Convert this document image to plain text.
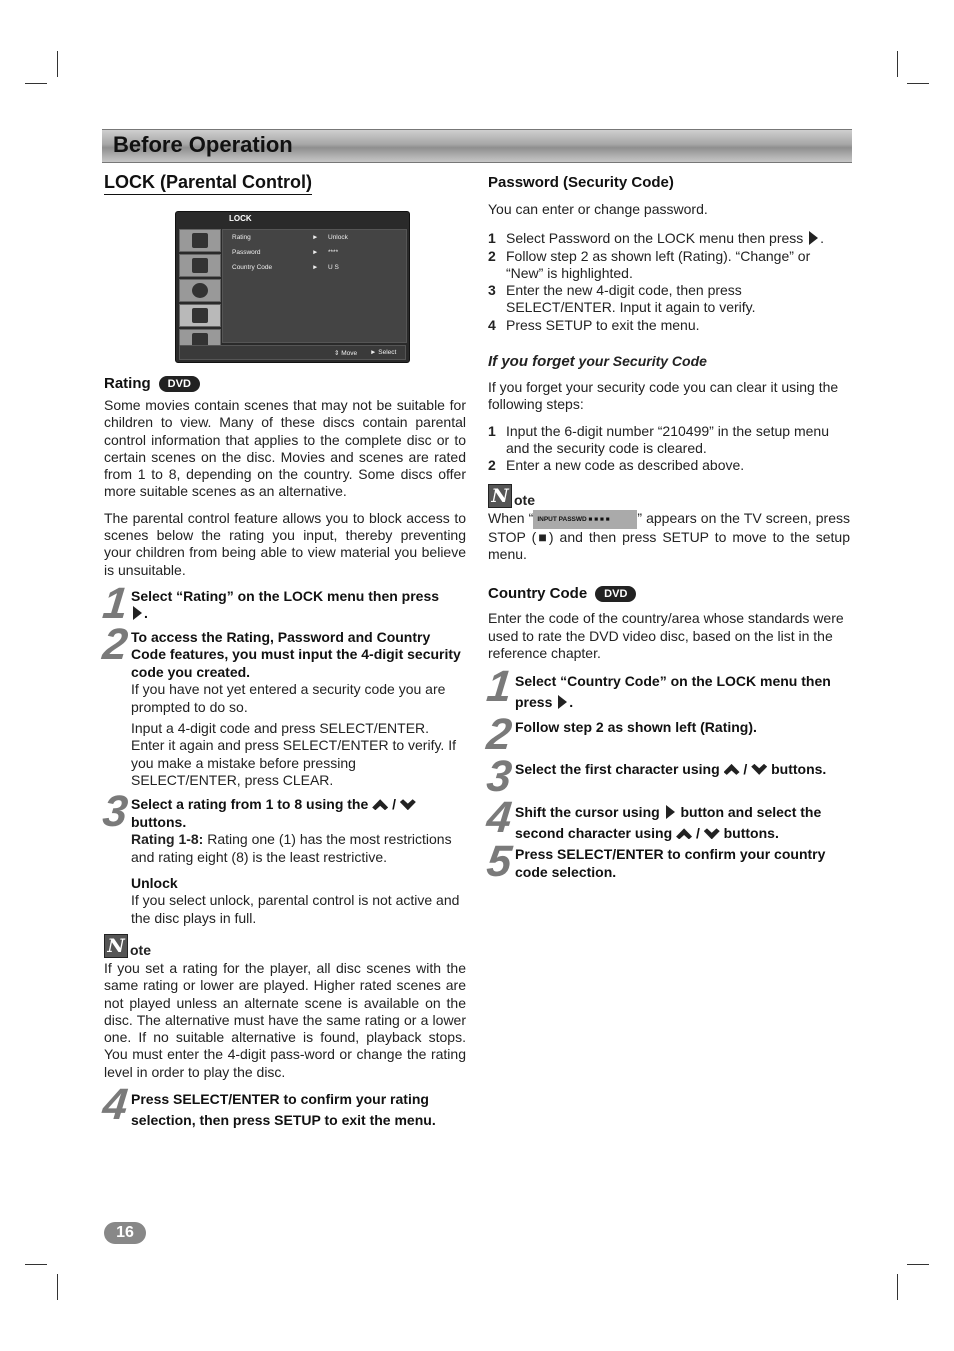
Before Operation
LOCK (Parental Control)
LOCK
Rating	► Unlock
Password	► ****
Country Code	► U S
⇕ Move ► Select
Rating	DVD

Some movies contain scenes that may not be suitable for children to view. Many of these discs contain parental control information that applies to the complete disc or to certain scenes on the disc. Movies and scenes are rated from 1 to 8, depending on the country. Some discs offer more suitable scenes as an alternative.

The parental control feature allows you to block access to scenes below the rating you input, thereby preventing your children from being able to view material you believe is unsuitable.

1 Select “Rating” on the LOCK menu then press
.
2 To access the Rating, Password and Country Code features, you must input the 4-digit security code you created.
If you have not yet entered a security code you are prompted to do so.
Input a 4-digit code and press SELECT/ENTER. Enter it again and press SELECT/ENTER to verify. If you make a mistake before pressing SELECT/ENTER, press CLEAR.
3 Select a rating from 1 to 8 using the /
buttons.
Rating 1-8: Rating one (1) has the most restrictions and rating eight (8) is the least restrictive.
Unlock
If you select unlock, parental control is not active and the disc plays in full.
N ote

If you set a rating for the player, all disc scenes with the same rating or lower are played. Higher rated scenes are not played unless an alternate scene is available on the disc. The alternative must have the same rating or a lower one. If no suitable alternative is found, playback stops. You must enter the 4-digit pass-word or change the rating level in order to play the disc.

4 Press SELECT/ENTER to confirm your rating selection, then press SETUP to exit the menu.
Password (Security Code)

You can enter or change password.

1 Select Password on the LOCK menu then press .
2 Follow step 2 as shown left (Rating). “Change” or “New” is highlighted.
3 Enter the new 4-digit code, then press SELECT/ENTER. Input it again to verify.
4 Press SETUP to exit the menu.
If you forget your Security Code

If you forget your security code you can clear it using the following steps:

1 Input the 6-digit number “210499” in the setup menu and the security code is cleared.
2 Enter a new code as described above.
N ote

When “ INPUT PASSWD ■ ■ ■ ■ ” appears on the TV screen, press STOP (■) and then press SETUP to move to the setup menu.

Country Code	DVD

Enter the code of the country/area whose standards were used to rate the DVD video disc, based on the list in the reference chapter.

1 Select “Country Code” on the LOCK menu then press .
2 Follow step 2 as shown left (Rating).
3 Select the first character using / buttons.
4 Shift the cursor using button and select the second character using / buttons.
5 Press SELECT/ENTER to confirm your country code selection.
16
